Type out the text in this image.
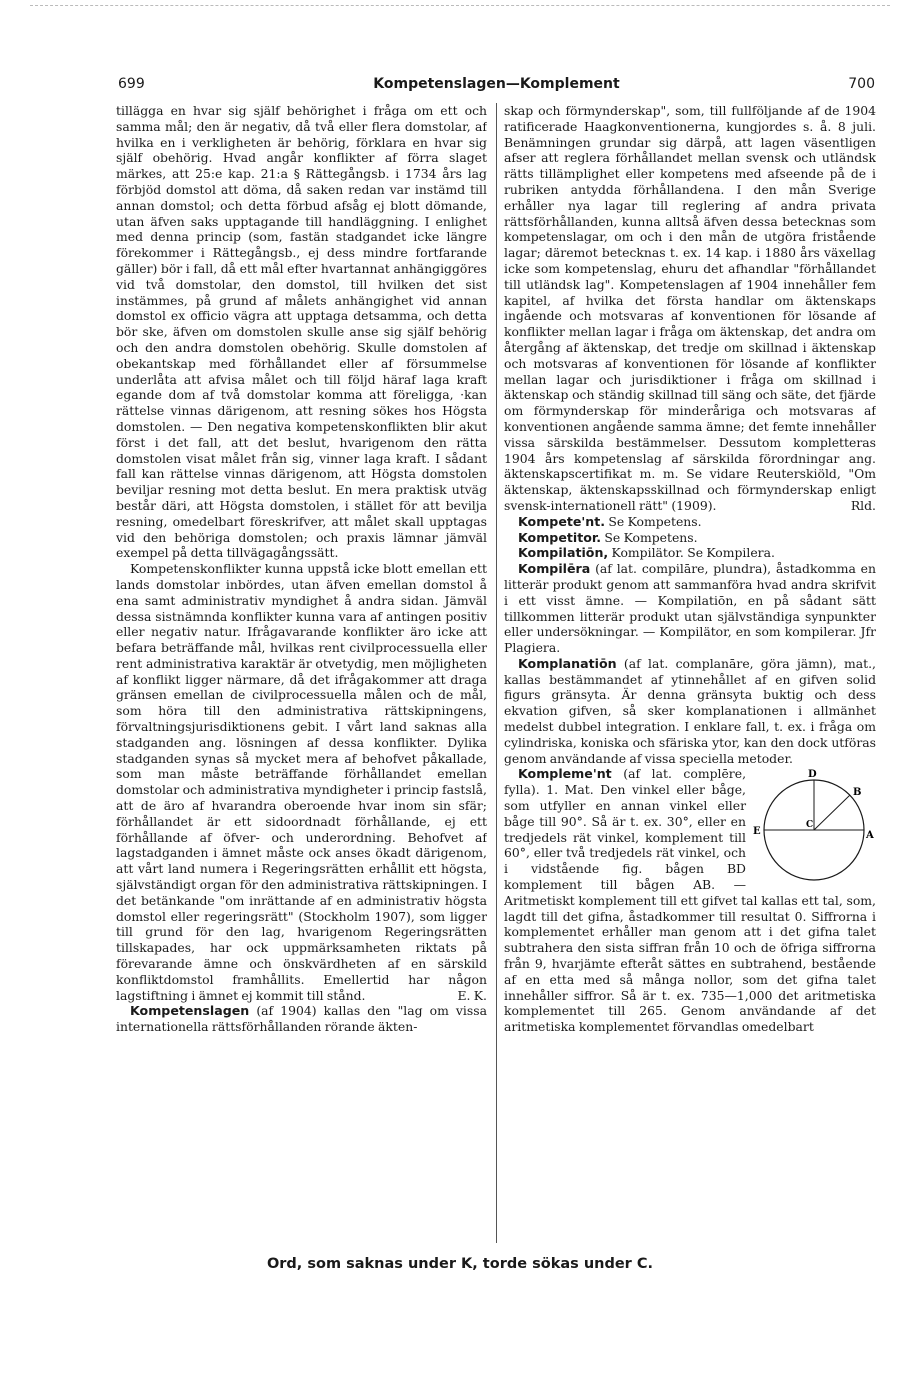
699	Kompetenslagen—Komplement	700

tillägga en hvar sig själf behörighet i fråga om ett och samma mål; den är negativ, då två eller flera domstolar, af hvilka en i verkligheten är behörig, förklara en hvar sig själf obehörig. Hvad angår konflikter af förra slaget märkes, att 25:e kap. 21:a § Rättegångsb. i 1734 års lag förbjöd domstol att döma, då saken redan var instämd till annan domstol; och detta förbud afsåg ej blott dömande, utan äfven saks upptagande till handläggning. I enlighet med denna princip (som, fastän stadgandet icke längre förekommer i Rättegångsb., ej dess mindre fortfarande gäller) bör i fall, då ett mål efter hvartannat anhängiggöres vid två domstolar, den domstol, till hvilken det sist instämmes, på grund af målets anhängighet vid annan domstol ex officio vägra att upptaga detsamma, och detta bör ske, äfven om domstolen skulle anse sig själf behörig och den andra domstolen obehörig. Skulle domstolen af obekantskap med förhållandet eller af försummelse underlåta att afvisa målet och till följd häraf laga kraft egande dom af två domstolar komma att föreligga, ·kan rättelse vinnas därigenom, att resning sökes hos Högsta domstolen. — Den negativa kompetenskonflikten blir akut först i det fall, att det beslut, hvarigenom den rätta domstolen visat målet från sig, vinner laga kraft. I sådant fall kan rättelse vinnas därigenom, att Högsta domstolen beviljar resning mot detta beslut. En mera praktisk utväg består däri, att Högsta domstolen, i stället för att bevilja resning, omedelbart föreskrifver, att målet skall upptagas vid den behöriga domstolen; och praxis lämnar jämväl exempel på detta tillvägagångssätt.

Kompetenskonflikter kunna uppstå icke blott emellan ett lands domstolar inbördes, utan äfven emellan domstol å ena samt administrativ myndighet å andra sidan. Jämväl dessa sistnämnda konflikter kunna vara af antingen positiv eller negativ natur. Ifrågavarande konflikter äro icke att befara beträffande mål, hvilkas rent civilprocessuella eller rent administrativa karaktär är otvetydig, men möjligheten af konflikt ligger närmare, då det ifrågakommer att draga gränsen emellan de civilprocessuella målen och de mål, som höra till den administrativa rättskipningens, förvaltningsjurisdiktionens gebit. I vårt land saknas alla stadganden ang. lösningen af dessa konflikter. Dylika stadganden synas så mycket mera af behofvet påkallade, som man måste beträffande förhållandet emellan domstolar och administrativa myndigheter i princip fastslå, att de äro af hvarandra oberoende hvar inom sin sfär; förhållandet är ett sidoordnadt förhållande, ej ett förhållande af öfver- och underordning. Behofvet af lagstadganden i ämnet måste ock anses ökadt därigenom, att vårt land numera i Regeringsrätten erhållit ett högsta, självständigt organ för den administrativa rättskipningen. I det betänkande "om inrättande af en administrativ högsta domstol eller regeringsrätt" (Stockholm 1907), som ligger till grund för den lag, hvarigenom Regeringsrätten tillskapades, har ock uppmärksamheten riktats på förevarande ämne och önskvärdheten af en särskild konfliktdomstol framhållits. Emellertid har någon lagstiftning i ämnet ej kommit till stånd.	E. K.

Kompetenslagen (af 1904) kallas den "lag om vissa internationella rättsförhållanden rörande äkten-

skap och förmynderskap", som, till fullföljande af de 1904 ratificerade Haagkonventionerna, kungjordes s. å. 8 juli. Benämningen grundar sig därpå, att lagen väsentligen afser att reglera förhållandet mellan svensk och utländsk rätts tillämplighet eller kompetens med afseende på de i rubriken antydda förhållandena. I den mån Sverige erhåller nya lagar till reglering af andra privata rättsförhållanden, kunna alltså äfven dessa betecknas som kompetenslagar, om och i den mån de utgöra fristående lagar; däremot betecknas t. ex. 14 kap. i 1880 års växellag icke som kompetenslag, ehuru det afhandlar "förhållandet till utländsk lag". Kompetenslagen af 1904 innehåller fem kapitel, af hvilka det första handlar om äktenskaps ingående och motsvaras af konventionen för lösande af konflikter mellan lagar i fråga om äktenskap, det andra om återgång af äktenskap, det tredje om skillnad i äktenskap och motsvaras af konventionen för lösande af konflikter mellan lagar och jurisdiktioner i fråga om skillnad i äktenskap och ständig skillnad till säng och säte, det fjärde om förmynderskap för minderåriga och motsvaras af konventionen angående samma ämne; det femte innehåller vissa särskilda bestämmelser. Dessutom kompletteras 1904 års kompetenslag af särskilda förordningar ang. äktenskapscertifikat m. m. Se vidare Reuterskiöld, "Om äktenskap, äktenskapsskillnad och förmynderskap enligt svensk-internationell rätt" (1909).	Rld.

Kompete'nt. Se Kompetens.

Kompetitor. Se Kompetens.

Kompilatiōn, Kompilätor. Se Kompilera.

Kompilēra (af lat. compilāre, plundra), åstadkomma en litterär produkt genom att sammanföra hvad andra skrifvit i ett visst ämne. — Kompilatiōn, en på sådant sätt tillkommen litterär produkt utan självständiga synpunkter eller undersökningar. — Kompilätor, en som kompilerar. Jfr Plagiera.

Komplanatiōn (af lat. complanāre, göra jämn), mat., kallas bestämmandet af ytinnehållet af en gifven solid figurs gränsyta. Är denna gränsyta buktig och dess ekvation gifven, så sker komplanationen i allmänhet medelst dubbel integration. I enklare fall, t. ex. i fråga om cylindriska, koniska och sfäriska ytor, kan den dock utföras genom användande af vissa speciella metoder.

D
B
C
E	A

Kompleme'nt (af lat. complēre, fylla). 1. Mat. Den vinkel eller båge, som utfyller en annan vinkel eller båge till 90°. Så är t. ex. 30°, eller en tredjedels rät vinkel, komplement till 60°, eller två tredjedels rät vinkel, och i vidstående fig. bågen BD komplement till bågen AB. — Aritmetiskt komplement till ett gifvet tal kallas ett tal, som, lagdt till det gifna, åstadkommer till resultat 0. Siffrorna i komplementet erhåller man genom att i det gifna talet subtrahera den sista siffran från 10 och de öfriga siffrorna från 9, hvarjämte efteråt sättes en subtrahend, bestående af en etta med så många nollor, som det gifna talet innehåller siffror. Så är t. ex. 735—1,000 det aritmetiska komplementet till 265. Genom användande af det aritmetiska komplementet förvandlas omedelbart

Ord, som saknas under K, torde sökas under C.
